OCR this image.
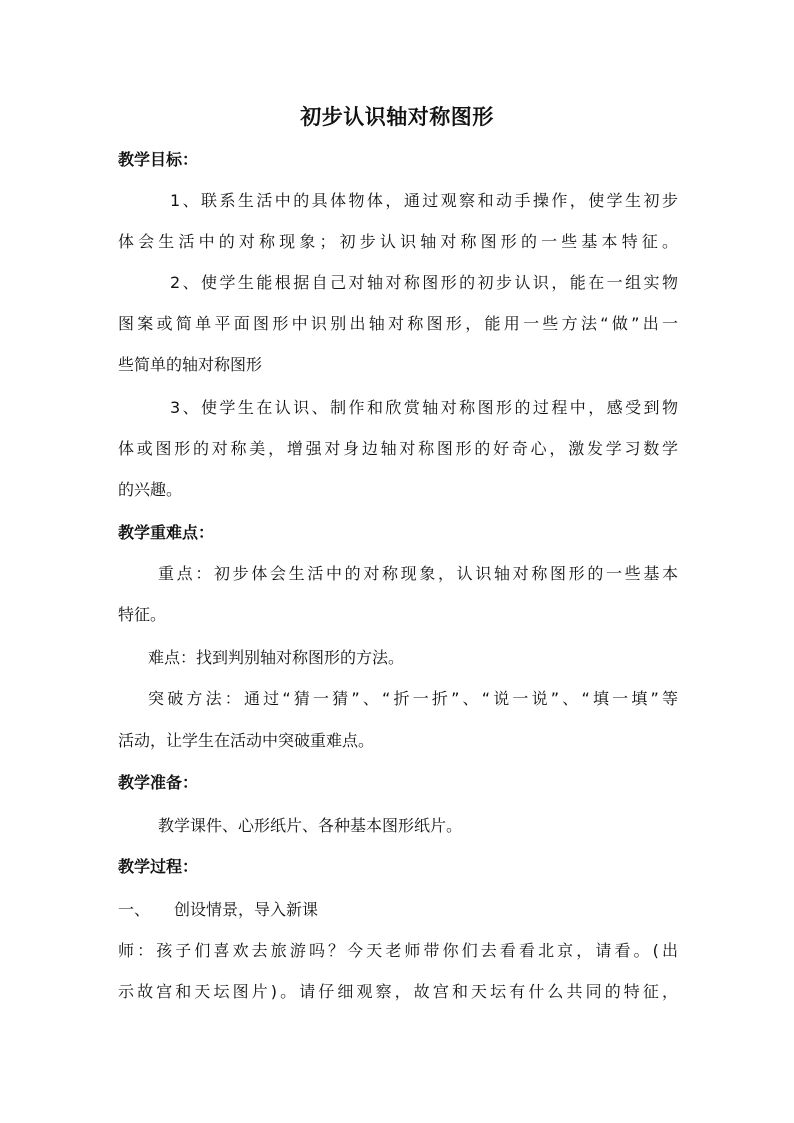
初步认识轴对称图形
教学目标：
1、联系生活中的具体物体，通过观察和动手操作，使学生初步
体会生活中的对称现象；初步认识轴对称图形的一些基本特征。
2、使学生能根据自己对轴对称图形的初步认识，能在一组实物
图案或简单平面图形中识别出轴对称图形，能用一些方法“做”出一
些简单的轴对称图形
3、使学生在认识、制作和欣赏轴对称图形的过程中，感受到物
体或图形的对称美，增强对身边轴对称图形的好奇心，激发学习数学
的兴趣。
教学重难点：
重点：初步体会生活中的对称现象，认识轴对称图形的一些基本
特征。
难点：找到判别轴对称图形的方法。
突破方法：通过“猜一猜”、“折一折”、“说一说”、“填一填”等
活动，让学生在活动中突破重难点。
教学准备：
教学课件、心形纸片、各种基本图形纸片。
教学过程：
一、 创设情景，导入新课
师：孩子们喜欢去旅游吗？今天老师带你们去看看北京，请看。(出
示故宫和天坛图片)。请仔细观察，故宫和天坛有什么共同的特征，
